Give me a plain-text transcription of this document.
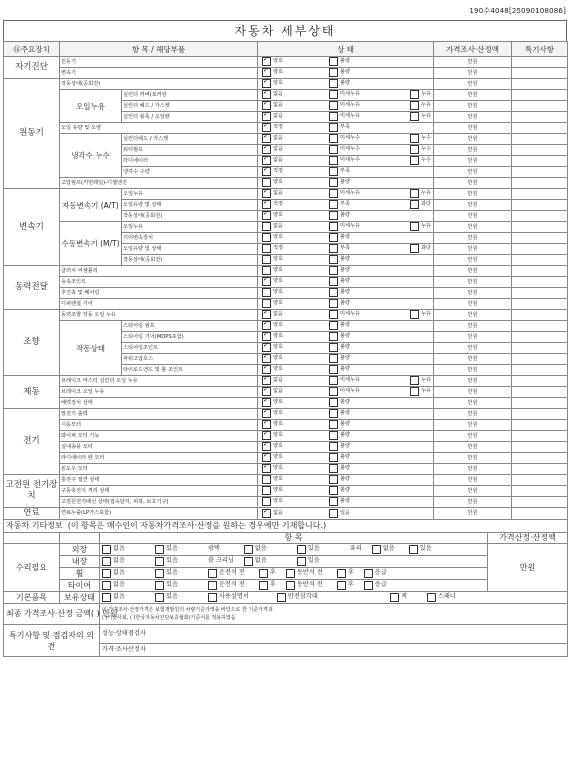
190수4048[25090108086]
자동차 세부상태
⑯주요장치	항 목 / 해당부품		상 태	가격조사·산정액	특기사항
자기진단	원동기	✓양호 불량	만원	
	변속기	✓양호 불량	만원	
원동기	작동상태(공회전)	✓양호 불량	만원	
	오일누유	실린더 커버(로커암	✓없음 미세누유 누유	만원	
		실린더 헤드 / 가스켓	✓없음 미세누유 누유	만원	
		실린더 블록 / 오일팬	✓없음 미세누유 누유	만원	
	오일 유량 및 오염	✓적정 부족	만원	
	냉각수 누수	실린더헤드 / 가스켓	✓없음 미세누수 누수	만원	
		워터펌프	✓없음 미세누수 누수	만원	
		라디에이터	✓없음 미세누수 누수	만원	
		냉각수 수량	✓적정 부족	만원	
	고압펌프(커먼레일)-디젤엔진		양호 불량	만원	
변속기	자동변속기 (A/T)	오일누유	✓없음 미세누유 누유	만원	
		오일유량 및 상태	✓적정 부족 과다	만원	
		작동상태(공회전)	✓양호 불량	만원	
	수동변속기 (M/T)	오일누유	없음 미세누유 누유	만원	
		기어변속장치	양호 불량	만원	
		오일유량 및 상태	적정 부족 과다	만원	
		작동상태(공회전)	양호 불량	만원	
동력전달	클러치 어셈블리		양호 불량	만원	
	등속조인트	✓양호 불량	만원	
	추진축 및 베어링		양호 불량	만원	
	디퍼렌셜 기어		양호 불량	만원	
조향	동력조향 작동 오일 누유	✓없음 미세누유 누유	만원	
	작동상태	스티어링 펌프	✓양호 불량	만원	
		스티어링 기어(MDPS포함)	✓양호 불량	만원	
		스티어링조인트	✓양호 불량	만원	
		파워고압호스	✓양호 불량	만원	
		타이로드엔드 및 볼 조인트	✓양호 불량	만원	
제동	브레이크 마스터 실린더 오일 누유	✓없음 미세누유 누유	만원	
	브레이크 오일 누유	✓없음 미세누유 누유	만원	
	배력장치 상태	✓양호 불량	만원	
전기	발전기 출력	✓양호 불량	만원	
	시동모터	✓양호 불량	만원	
	와이퍼 모터 기능	✓양호 불량	만원	
	실내송풍 모터	✓양호 불량	만원	
	라디에이터 팬 모터	✓양호 불량	만원	
	윈도우 모터	✓양호 불량	만원	
고전원 전기장치	충전구 절연 상태		양호 불량	만원	
	구동축전지 격리 상태		양호 불량	만원	
	고전원전기배선 상태(접속단자, 피복, 보호기구)		양호 불량	만원	
연료	연료누출(LP가스포함)	✓없음 있음	만원	
자동차 기타정보 (이 항목은 매수인이 자동차가격조사·산정을 원하는 경우에만 기재합니다.)			
		항 목	가격산정·산정액
수리필요	외장	없음 있음 광택 없음 있음 유리 없음 있음	만원
	내장	없음 있음 룸 크리닝 없음 있음	
	휠	없음 있음 운전석 전 후 동반석 전 후 응급	
	타이어	없음 있음 운전석 전 후 동반석 전 후 응급	
기본품목	보유상태	없음 있음 사용설명서 안전삼각대 잭 스패너	
최종 가격조사·산정 금액( ) 만원		이 가격조사·산정가격은 보험개발원의 차량기준가액을 바탕으로 한 기준가격과
( )기술사회, ( )한국자동차진단보증협회)기준서를 적용하였음	

특기사항 및 점검자의 의견		성능·상태점검자	
		가격·조사산정자	
